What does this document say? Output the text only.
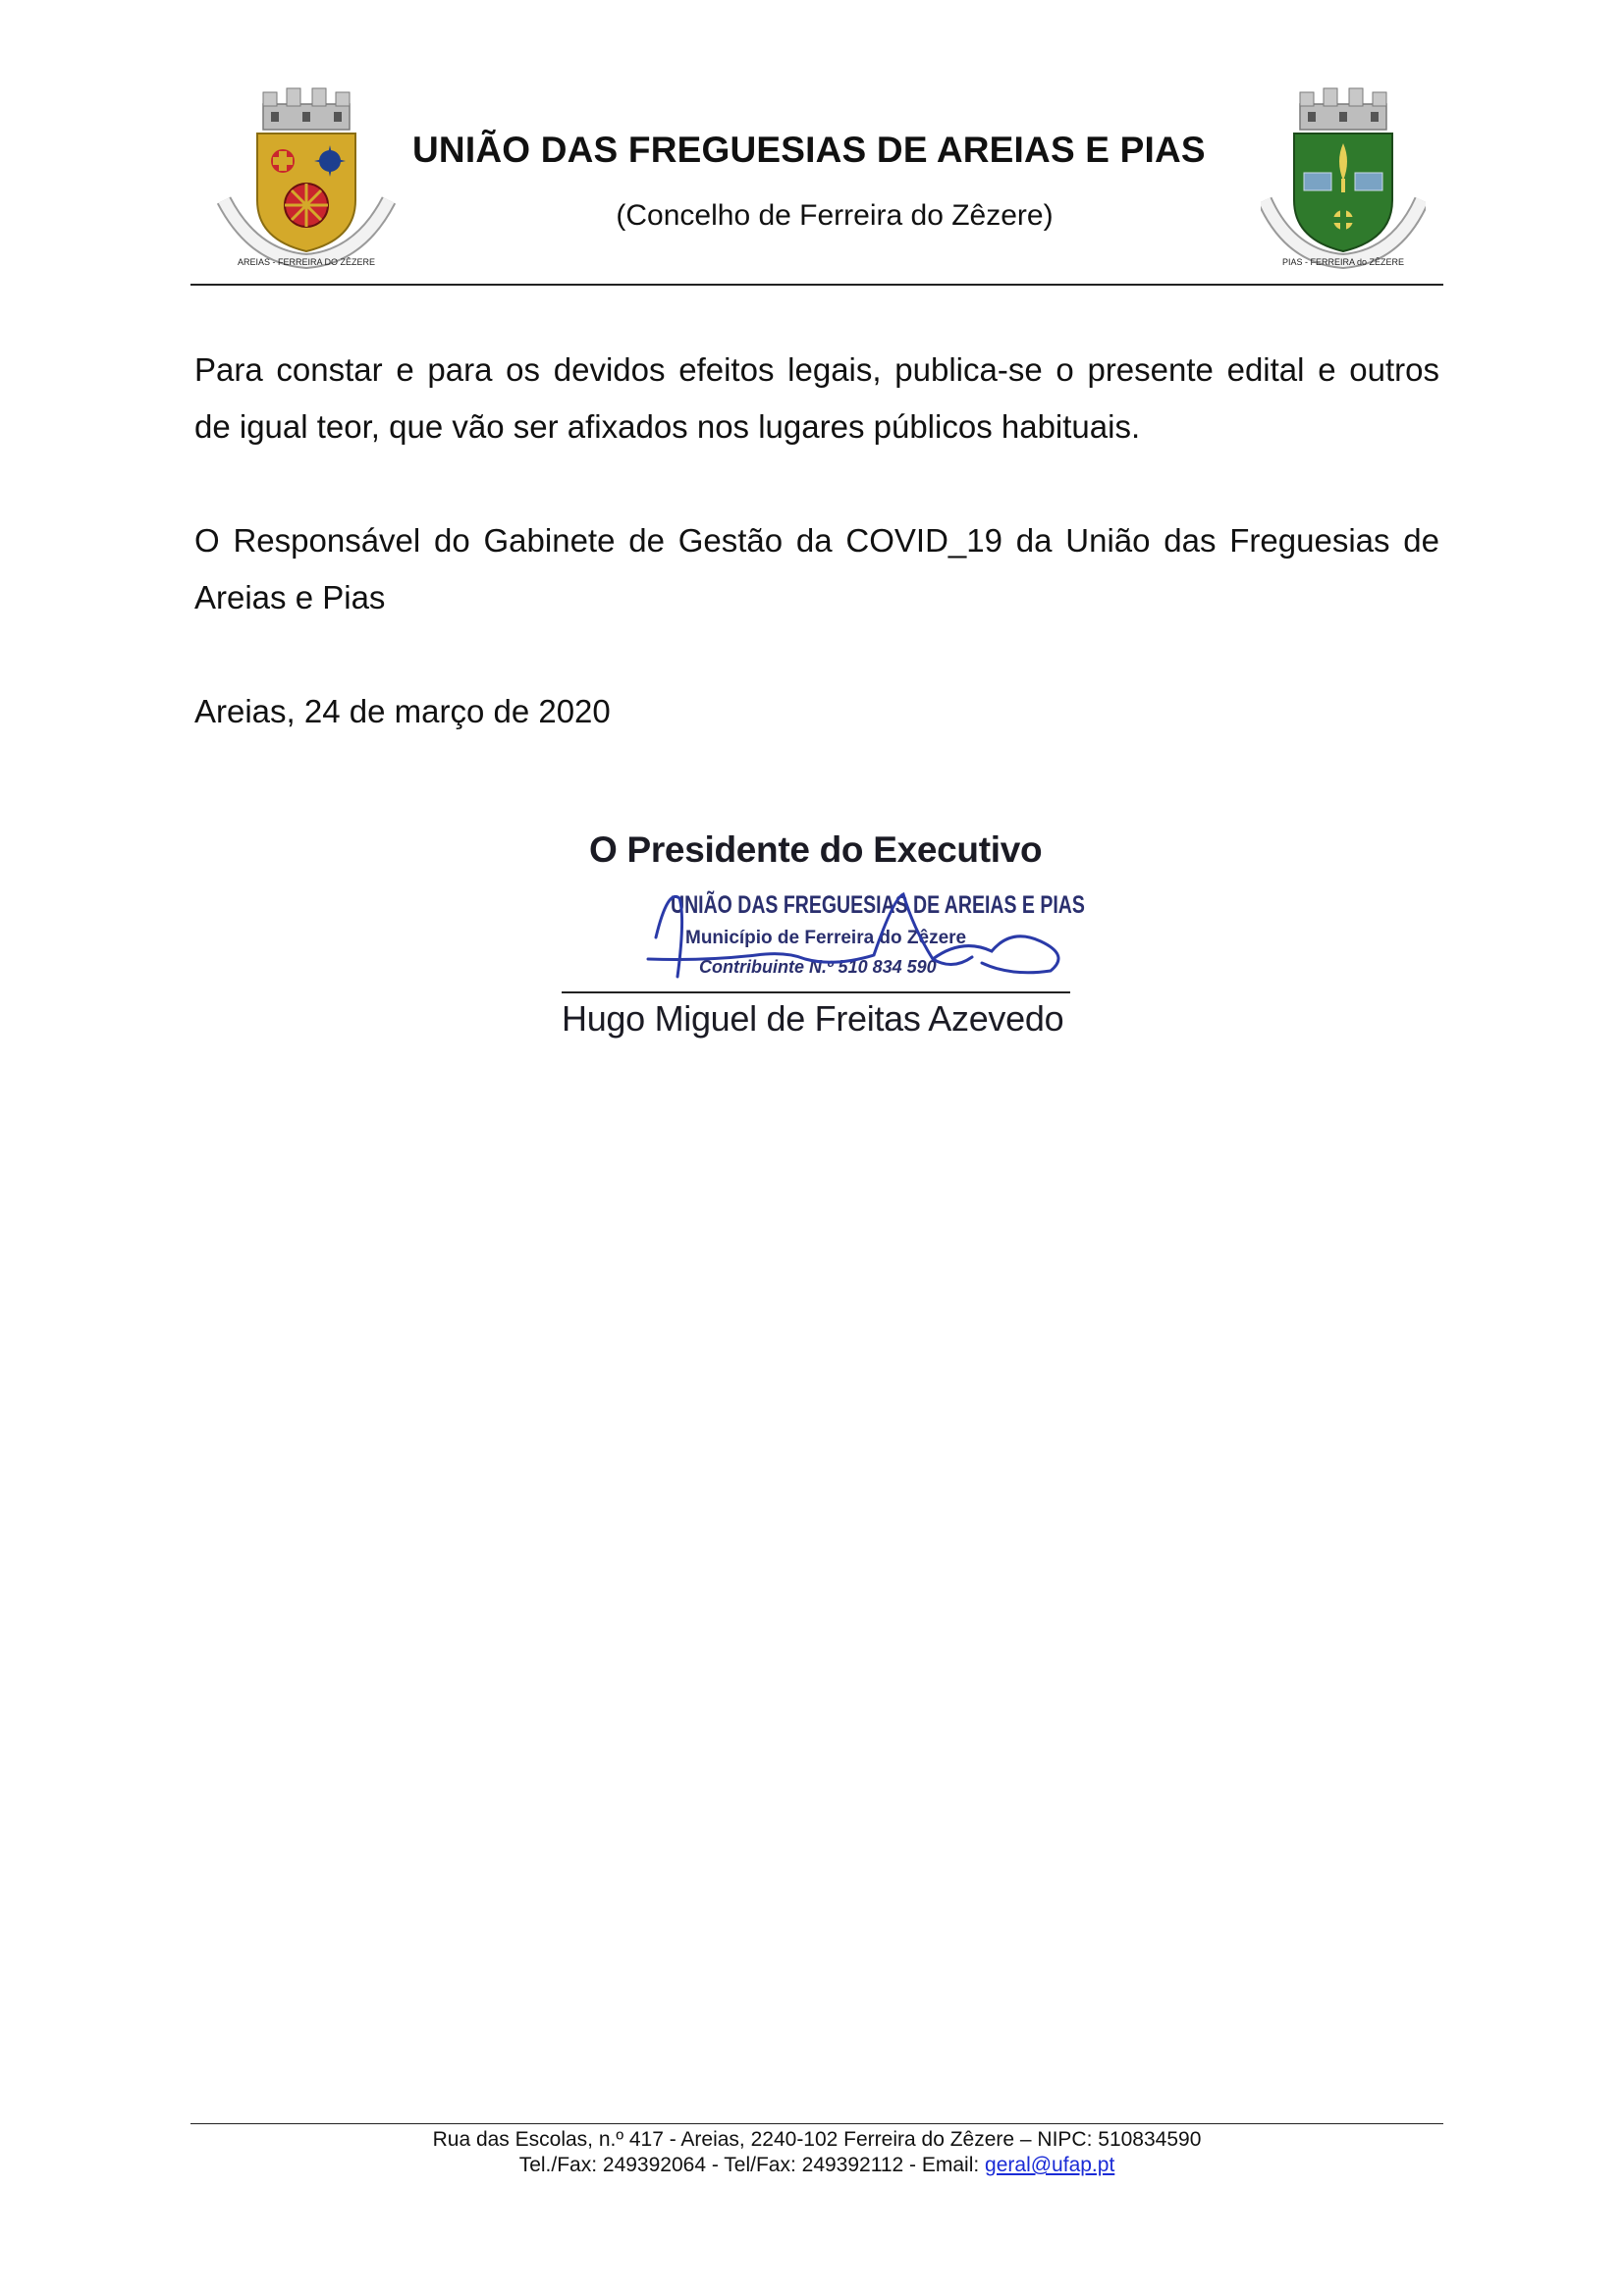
AREIAS - FERREIRA DO ZÊZERE
UNIÃO DAS FREGUESIAS DE AREIAS E PIAS
(Concelho de Ferreira do Zêzere)
PIAS - FERREIRA do ZÊZERE
Para constar e para os devidos efeitos legais, publica-se o presente edital e outros
de igual teor, que vão ser afixados nos lugares públicos habituais.
O Responsável do Gabinete de Gestão da COVID_19 da União das Freguesias de
Areias e Pias
Areias, 24 de março de 2020
O Presidente do Executivo
UNIÃO DAS FREGUESIAS DE AREIAS E PIAS
Município de Ferreira do Zêzere
Contribuinte N.º 510 834 590
Hugo Miguel de Freitas Azevedo
Rua das Escolas, n.º 417 - Areias, 2240-102 Ferreira do Zêzere – NIPC: 510834590
Tel./Fax: 249392064 - Tel/Fax: 249392112 - Email: geral@ufap.pt
